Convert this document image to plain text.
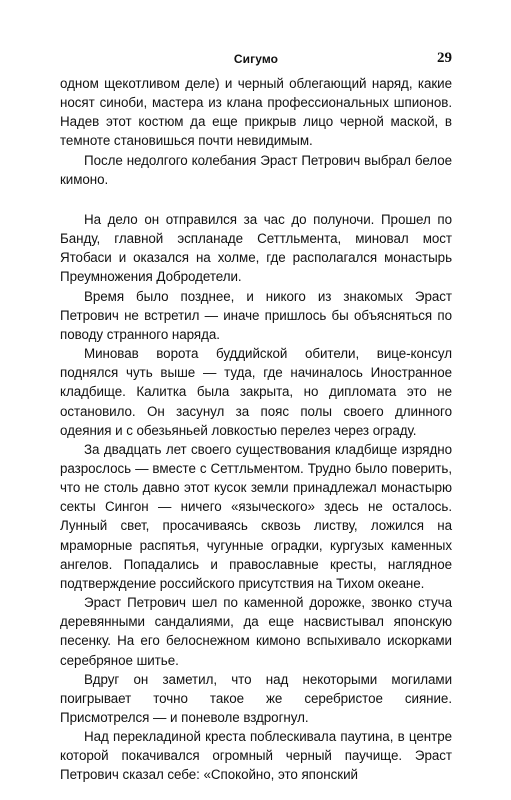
Сигумо	29

одном щекотливом деле) и черный облегающий наряд, какие носят синоби, мастера из клана профессиональных шпионов. Надев этот костюм да еще прикрыв лицо черной маской, в темноте становишься почти невидимым.

После недолгого колебания Эраст Петрович выбрал белое кимоно.

На дело он отправился за час до полуночи. Прошел по Банду, главной эспланаде Сеттльмента, миновал мост Ятобаси и оказался на холме, где располагался монастырь Преумножения Добродетели.

Время было позднее, и никого из знакомых Эраст Петрович не встретил — иначе пришлось бы объясняться по поводу странного наряда.

Миновав ворота буддийской обители, вице-консул поднялся чуть выше — туда, где начиналось Иностранное кладбище. Калитка была закрыта, но дипломата это не остановило. Он засунул за пояс полы своего длинного одеяния и с обезьяньей ловкостью перелез через ограду.

За двадцать лет своего существования кладбище изрядно разрослось — вместе с Сеттльментом. Трудно было поверить, что не столь давно этот кусок земли принадлежал монастырю секты Сингон — ничего «языческого» здесь не осталось. Лунный свет, просачиваясь сквозь листву, ложился на мраморные распятья, чугунные оградки, кургузых каменных ангелов. Попадались и православные кресты, наглядное подтверждение российского присутствия на Тихом океане.

Эраст Петрович шел по каменной дорожке, звонко стуча деревянными сандалиями, да еще насвистывал японскую песенку. На его белоснежном кимоно вспыхивало искорками серебряное шитье.

Вдруг он заметил, что над некоторыми могилами поигрывает точно такое же серебристое сияние. Присмотрелся — и поневоле вздрогнул.

Над перекладиной креста поблескивала паутина, в центре которой покачивался огромный черный паучище. Эраст Петрович сказал себе: «Спокойно, это японский
